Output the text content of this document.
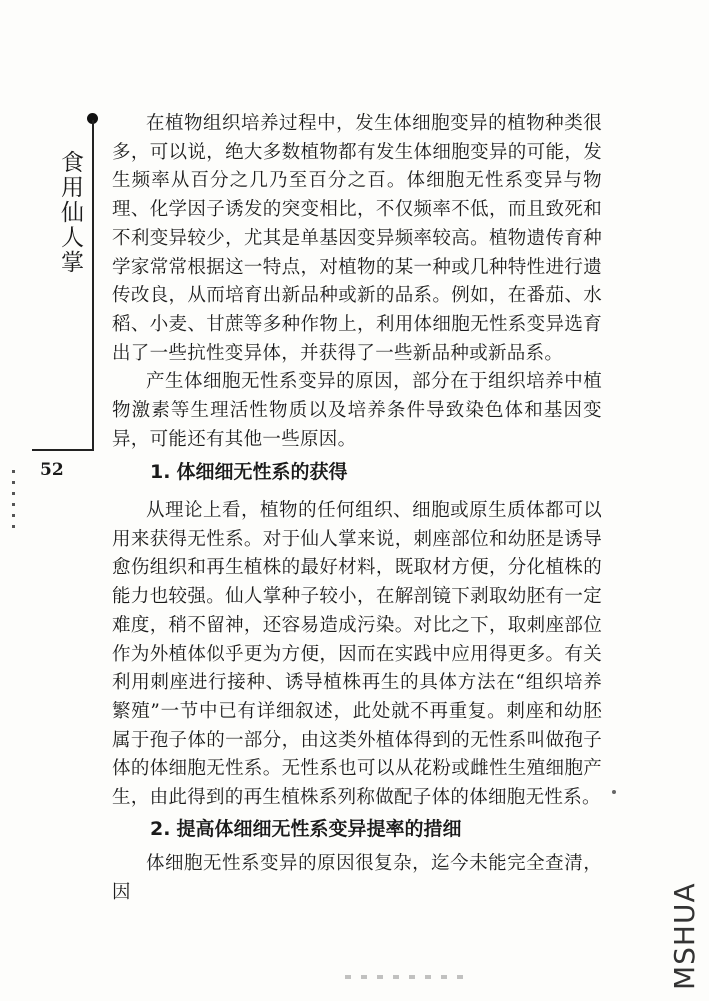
食用仙人掌
52

在植物组织培养过程中，发生体细胞变异的植物种类很多，可以说，绝大多数植物都有发生体细胞变异的可能，发生频率从百分之几乃至百分之百。体细胞无性系变异与物理、化学因子诱发的突变相比，不仅频率不低，而且致死和不利变异较少，尤其是单基因变异频率较高。植物遗传育种学家常常根据这一特点，对植物的某一种或几种特性进行遗传改良，从而培育出新品种或新的品系。例如，在番茄、水稻、小麦、甘蔗等多种作物上，利用体细胞无性系变异选育出了一些抗性变异体，并获得了一些新品种或新品系。

产生体细胞无性系变异的原因，部分在于组织培养中植物激素等生理活性物质以及培养条件导致染色体和基因变异，可能还有其他一些原因。

1. 体细细无性系的获得

从理论上看，植物的任何组织、细胞或原生质体都可以用来获得无性系。对于仙人掌来说，刺座部位和幼胚是诱导愈伤组织和再生植株的最好材料，既取材方便，分化植株的能力也较强。仙人掌种子较小，在解剖镜下剥取幼胚有一定难度，稍不留神，还容易造成污染。对比之下，取刺座部位作为外植体似乎更为方便，因而在实践中应用得更多。有关利用刺座进行接种、诱导植株再生的具体方法在“组织培养繁殖”一节中已有详细叙述，此处就不再重复。刺座和幼胚属于孢子体的一部分，由这类外植体得到的无性系叫做孢子体的体细胞无性系。无性系也可以从花粉或雌性生殖细胞产生，由此得到的再生植株系列称做配子体的体细胞无性系。

2. 提高体细细无性系变异提率的措细

体细胞无性系变异的原因很复杂，迄今未能完全查清，因	MSHUA
